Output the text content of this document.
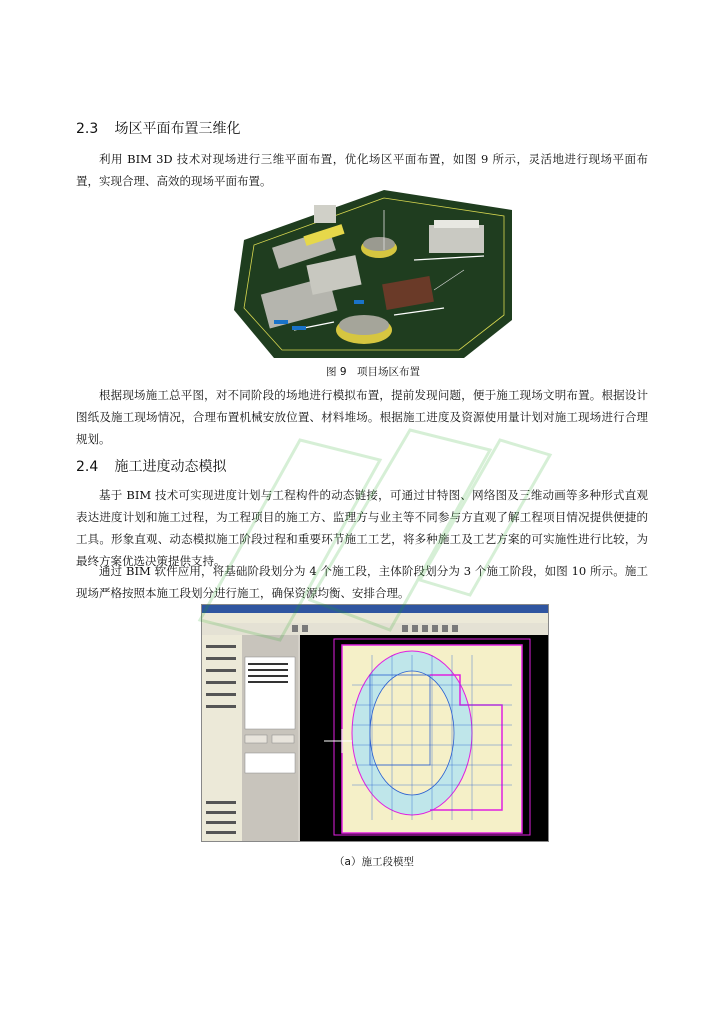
2.3 场区平面布置三维化
利用 BIM 3D 技术对现场进行三维平面布置，优化场区平面布置，如图 9 所示，灵活地进行现场平面布置，实现合理、高效的现场平面布置。
图 9　项目场区布置
根据现场施工总平图，对不同阶段的场地进行模拟布置，提前发现问题，便于施工现场文明布置。根据设计图纸及施工现场情况，合理布置机械安放位置、材料堆场。根据施工进度及资源使用量计划对施工现场进行合理规划。
2.4 施工进度动态模拟
基于 BIM 技术可实现进度计划与工程构件的动态链接，可通过甘特图、网络图及三维动画等多种形式直观表达进度计划和施工过程，为工程项目的施工方、监理方与业主等不同参与方直观了解工程项目情况提供便捷的工具。形象直观、动态模拟施工阶段过程和重要环节施工工艺，将多种施工及工艺方案的可实施性进行比较，为最终方案优选决策提供支持。
通过 BIM 软件应用，将基础阶段划分为 4 个施工段，主体阶段划分为 3 个施工阶段，如图 10 所示。施工现场严格按照本施工段划分进行施工，确保资源均衡、安排合理。
（a）施工段模型
